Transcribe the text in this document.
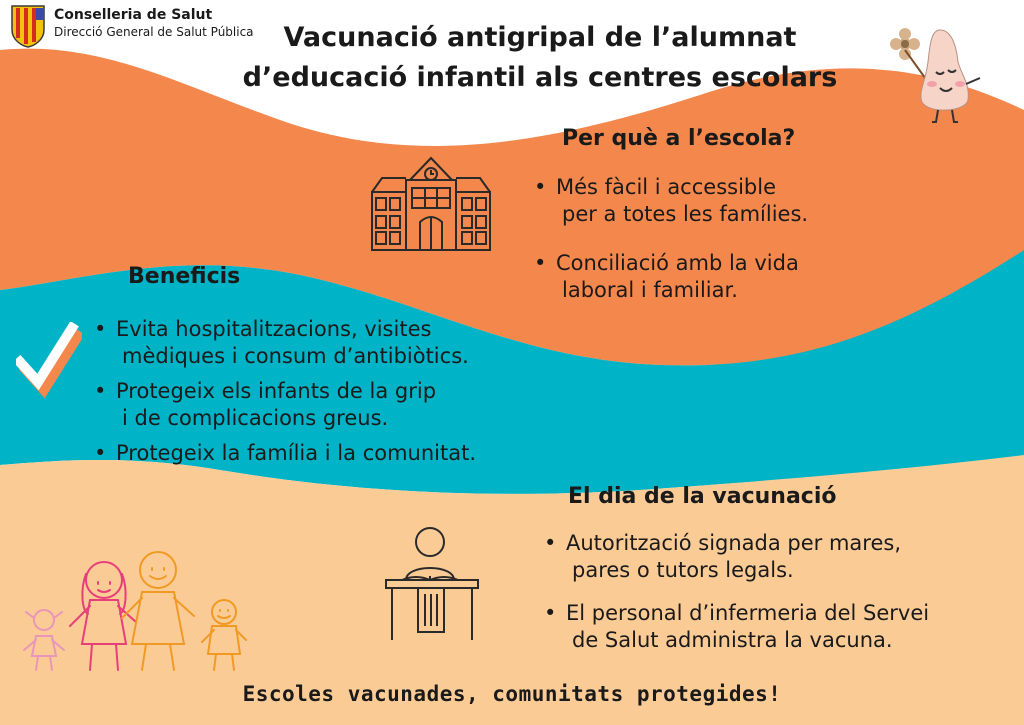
Conselleria de Salut
Direcció General de Salut Pública	Vacunació antigripal de l’alumnat
d’educació infantil als centres escolars
Per què a l’escola?
• Més fàcil i accessible
per a totes les famílies.
• Conciliació amb la vida
laboral i familiar.
Beneficis
• Evita hospitalitzacions, visites
mèdiques i consum d’antibiòtics.
• Protegeix els infants de la grip
i de complicacions greus.
• Protegeix la família i la comunitat.
El dia de la vacunació
• Autorització signada per mares,
pares o tutors legals.
• El personal d’infermeria del Servei
de Salut administra la vacuna.
Escoles vacunades, comunitats protegides!
